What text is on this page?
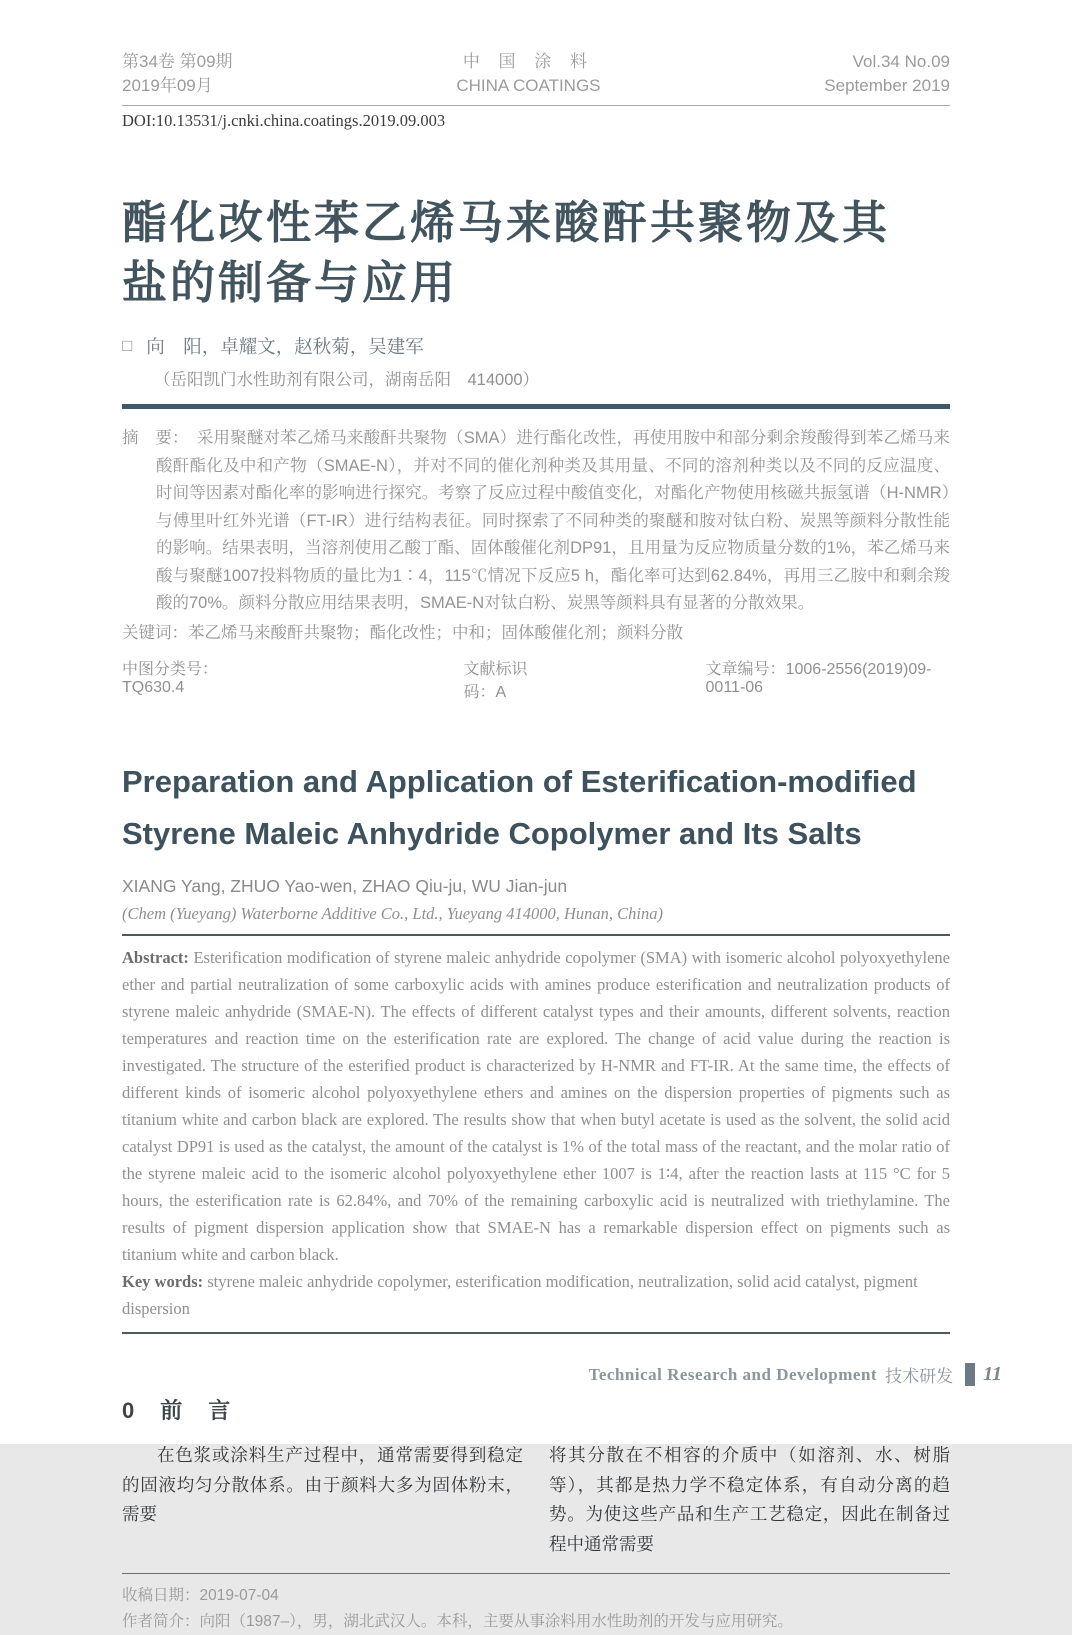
第34卷 第09期
2019年09月
中 国 涂 料
CHINA COATINGS
Vol.34 No.09
September 2019
DOI:10.13531/j.cnki.china.coatings.2019.09.003
酯化改性苯乙烯马来酸酐共聚物及其
盐的制备与应用
□ 向　阳，卓耀文，赵秋菊，吴建军
（岳阳凯门水性助剂有限公司，湖南岳阳　414000）
摘　要： 采用聚醚对苯乙烯马来酸酐共聚物（SMA）进行酯化改性，再使用胺中和部分剩余羧酸得到苯乙烯马来酸酐酯化及中和产物（SMAE-N），并对不同的催化剂种类及其用量、不同的溶剂种类以及不同的反应温度、时间等因素对酯化率的影响进行探究。考察了反应过程中酸值变化，对酯化产物使用核磁共振氢谱（H-NMR）与傅里叶红外光谱（FT-IR）进行结构表征。同时探索了不同种类的聚醚和胺对钛白粉、炭黑等颜料分散性能的影响。结果表明，当溶剂使用乙酸丁酯、固体酸催化剂DP91，且用量为反应物质量分数的1%，苯乙烯马来酸与聚醚1007投料物质的量比为1∶4，115℃情况下反应5 h，酯化率可达到62.84%，再用三乙胺中和剩余羧酸的70%。颜料分散应用结果表明，SMAE-N对钛白粉、炭黑等颜料具有显著的分散效果。
关键词：苯乙烯马来酸酐共聚物；酯化改性；中和；固体酸催化剂；颜料分散
中图分类号：TQ630.4
文献标识码：A
文章编号：1006-2556(2019)09-0011-06
Preparation and Application of Esterification-modified
Styrene Maleic Anhydride Copolymer and Its Salts
XIANG Yang, ZHUO Yao-wen, ZHAO Qiu-ju, WU Jian-jun
(Chem (Yueyang) Waterborne Additive Co., Ltd., Yueyang 414000, Hunan, China)
Abstract: Esterification modification of styrene maleic anhydride copolymer (SMA) with isomeric alcohol polyoxyethylene ether and partial neutralization of some carboxylic acids with amines produce esterification and neutralization products of styrene maleic anhydride (SMAE-N). The effects of different catalyst types and their amounts, different solvents, reaction temperatures and reaction time on the esterification rate are explored. The change of acid value during the reaction is investigated. The structure of the esterified product is characterized by H-NMR and FT-IR. At the same time, the effects of different kinds of isomeric alcohol polyoxyethylene ethers and amines on the dispersion properties of pigments such as titanium white and carbon black are explored. The results show that when butyl acetate is used as the solvent, the solid acid catalyst DP91 is used as the catalyst, the amount of the catalyst is 1% of the total mass of the reactant, and the molar ratio of the styrene maleic acid to the isomeric alcohol polyoxyethylene ether 1007 is 1∶4, after the reaction lasts at 115 °C for 5 hours, the esterification rate is 62.84%, and 70% of the remaining carboxylic acid is neutralized with triethylamine. The results of pigment dispersion application show that SMAE-N has a remarkable dispersion effect on pigments such as titanium white and carbon black.
Key words: styrene maleic anhydride copolymer, esterification modification, neutralization, solid acid catalyst, pigment dispersion
0 前言

在色浆或涂料生产过程中，通常需要得到稳定的固液均匀分散体系。由于颜料大多为固体粉末，需要

将其分散在不相容的介质中（如溶剂、水、树脂等），其都是热力学不稳定体系，有自动分离的趋势。为使这些产品和生产工艺稳定，因此在制备过程中通常需要

收稿日期：2019-07-04
作者简介：向阳（1987–），男，湖北武汉人。本科，主要从事涂料用水性助剂的开发与应用研究。
Technical Research and Development 技术研发 11
